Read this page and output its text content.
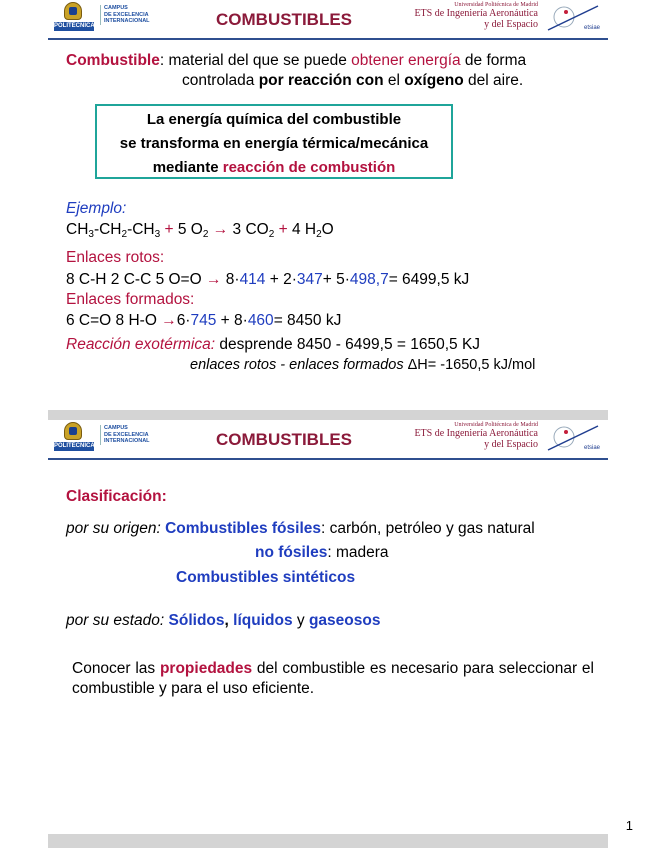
POLITÉCNICA
CAMPUS
DE EXCELENCIA
INTERNACIONAL	COMBUSTIBLES
Universidad Politécnica de Madrid
ETS de Ingeniería Aeronáutica
y del Espacio	etsiae
Combustible: material del que se puede obtener energía de forma
controlada por reacción con el oxígeno del aire.
La energía química del combustible
se transforma en energía térmica/mecánica
mediante reacción de combustión
Ejemplo:
$CH_3-CH_2-CH_3 + 5$ $O_2 \to 3$ $CO_2 + 4$ $H_2O$
Enlaces rotos:
8 C-H 2 C-C 5 O=O → 8·414 + 2·347+ 5·498,7= 6499,5 kJ
Enlaces formados:
6 C=O 8 H-O →6·745 + 8·460= 8450 kJ
Reacción exotérmica: desprende 8450 - 6499,5 = 1650,5 KJ
enlaces rotos - enlaces formados ΔH= -1650,5 kJ/mol
POLITÉCNICA
CAMPUS
DE EXCELENCIA
INTERNACIONAL	COMBUSTIBLES
Universidad Politécnica de Madrid
ETS de Ingeniería Aeronáutica
y del Espacio	etsiae
Clasificación:
por su origen: Combustibles fósiles: carbón, petróleo y gas natural
no fósiles: madera
Combustibles sintéticos
por su estado: Sólidos, líquidos y gaseosos
Conocer las propiedades del combustible es necesario para seleccionar el combustible y para el uso eficiente.
1
